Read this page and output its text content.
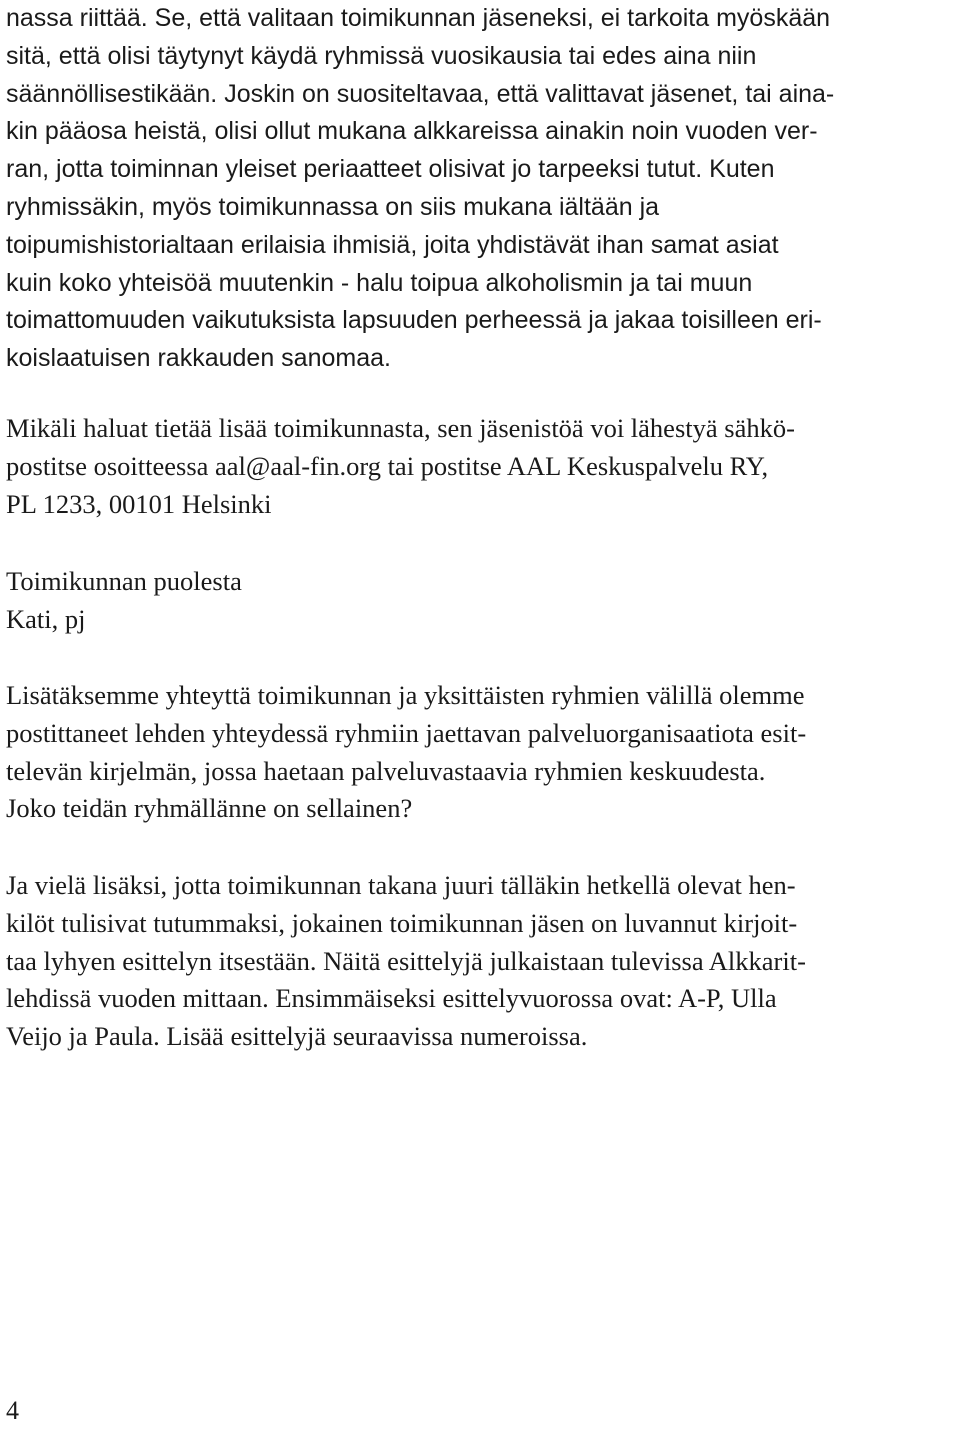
nassa riittää. Se, että valitaan toimikunnan jäseneksi, ei tarkoita myöskään
sitä, että olisi täytynyt käydä ryhmissä vuosikausia tai edes aina niin
säännöllisestikään. Joskin on suositeltavaa, että valittavat jäsenet, tai aina-
kin pääosa heistä, olisi ollut mukana alkkareissa ainakin noin vuoden ver-
ran, jotta toiminnan yleiset periaatteet olisivat jo tarpeeksi tutut. Kuten
ryhmissäkin, myös toimikunnassa on siis mukana iältään ja
toipumishistorialtaan erilaisia ihmisiä, joita yhdistävät ihan samat asiat
kuin koko yhteisöä muutenkin - halu toipua alkoholismin ja tai muun
toimattomuuden vaikutuksista lapsuuden perheessä ja jakaa toisilleen eri-
koislaatuisen rakkauden sanomaa.
Mikäli haluat tietää lisää toimikunnasta, sen jäsenistöä voi lähestyä sähkö-
postitse osoitteessa aal@aal-fin.org tai postitse AAL Keskuspalvelu RY,
PL 1233, 00101 Helsinki
Toimikunnan puolesta
Kati, pj
Lisätäksemme yhteyttä toimikunnan ja yksittäisten ryhmien välillä olemme
postittaneet lehden yhteydessä ryhmiin jaettavan palveluorganisaatiota esit-
televän kirjelmän, jossa haetaan palveluvastaavia ryhmien keskuudesta.
Joko teidän ryhmällänne on sellainen?
Ja vielä lisäksi, jotta toimikunnan takana juuri tälläkin hetkellä olevat hen-
kilöt tulisivat tutummaksi, jokainen toimikunnan jäsen on luvannut kirjoit-
taa lyhyen esittelyn itsestään. Näitä esittelyjä julkaistaan tulevissa Alkkarit-
lehdissä vuoden mittaan. Ensimmäiseksi esittelyvuorossa ovat: A-P, Ulla
Veijo ja Paula. Lisää esittelyjä seuraavissa numeroissa.
4
